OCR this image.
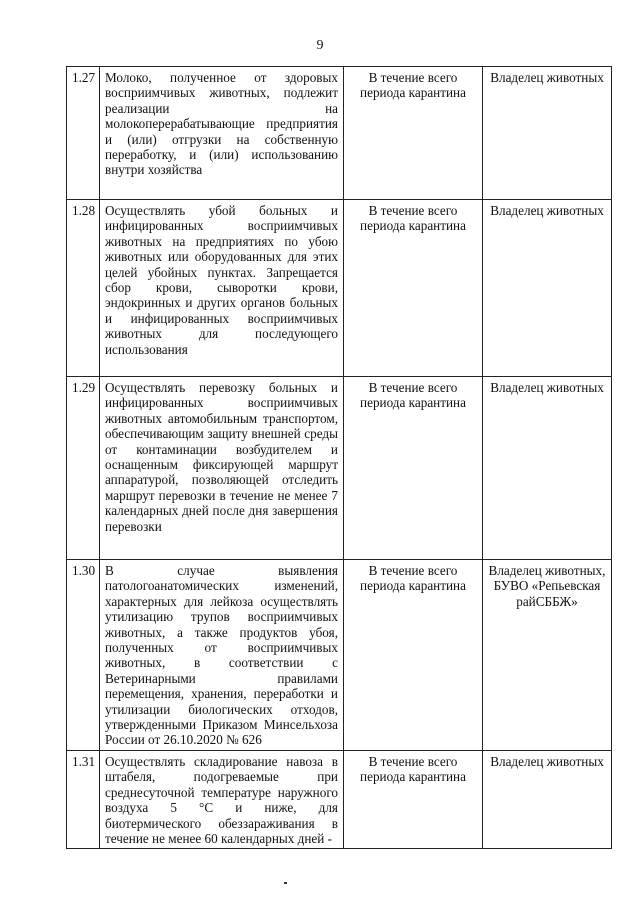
9
1.27	Молоко, полученное от здоровых восприимчивых животных, подлежит реализации на молокоперерабатывающие предприятия и (или) отгрузки на собственную переработку, и (или) использованию внутри хозяйства	В течение всего периода карантина	Владелец животных
1.28	Осуществлять убой больных и инфицированных восприимчивых животных на предприятиях по убою животных или оборудованных для этих целей убойных пунктах. Запрещается сбор крови, сыворотки крови, эндокринных и других органов больных и инфицированных восприимчивых животных для последующего использования	В течение всего периода карантина	Владелец животных
1.29	Осуществлять перевозку больных и инфицированных восприимчивых животных автомобильным транспортом, обеспечивающим защиту внешней среды от контаминации возбудителем и оснащенным фиксирующей маршрут аппаратурой, позволяющей отследить маршрут перевозки в течение не менее 7 календарных дней после дня завершения перевозки	В течение всего периода карантина	Владелец животных
1.30	В случае выявления патологоанатомических изменений, характерных для лейкоза осуществлять утилизацию трупов восприимчивых животных, а также продуктов убоя, полученных от восприимчивых животных, в соответствии с Ветеринарными правилами перемещения, хранения, переработки и утилизации биологических отходов, утвержденными Приказом Минсельхоза России от 26.10.2020 № 626	В течение всего периода карантина	Владелец животных, БУВО «Репьевская райСББЖ»
1.31	Осуществлять складирование навоза в штабеля, подогреваемые при среднесуточной температуре наружного воздуха 5 °С и ниже, для биотермического обеззараживания в течение не менее 60 календарных дней -	В течение всего периода карантина	Владелец животных
